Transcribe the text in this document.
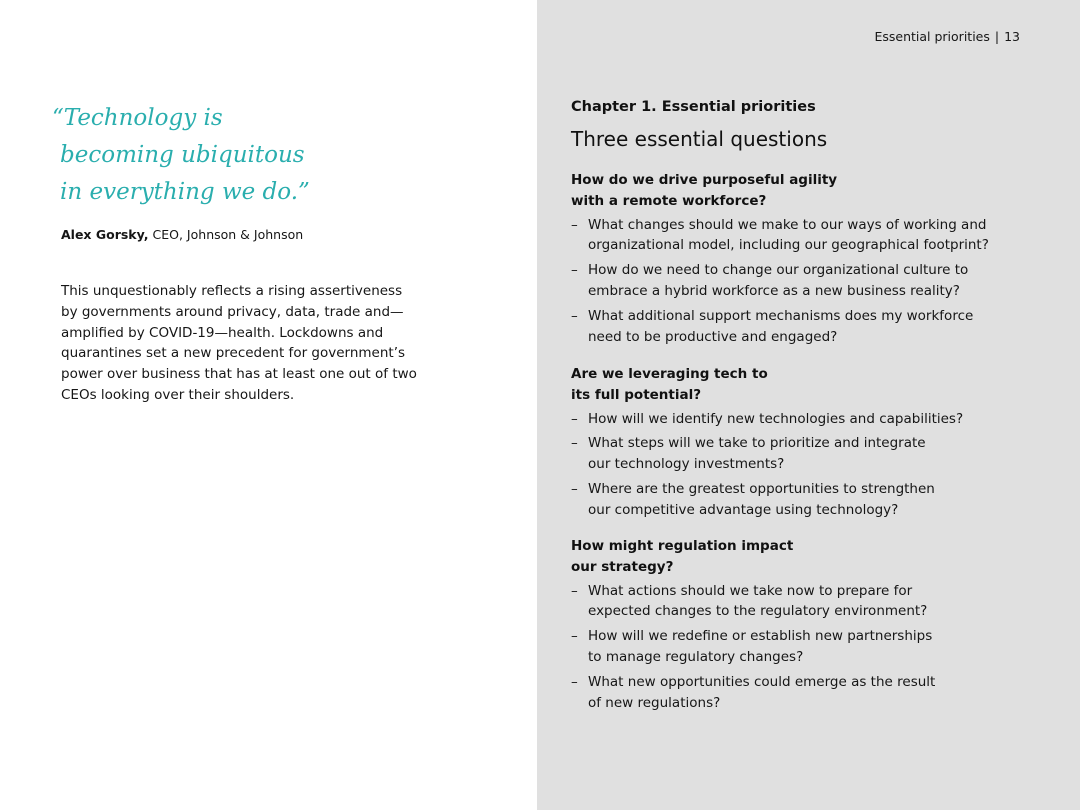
Essential priorities | 13
“Technology is
becoming ubiquitous
in everything we do.”
Alex Gorsky, CEO, Johnson & Johnson
This unquestionably reflects a rising assertiveness
by governments around privacy, data, trade and—
amplified by COVID-19—health. Lockdowns and
quarantines set a new precedent for government’s
power over business that has at least one out of two
CEOs looking over their shoulders.
Chapter 1. Essential priorities
Three essential questions
How do we drive purposeful agility
with a remote workforce?
– What changes should we make to our ways of working and
organizational model, including our geographical footprint?
– How do we need to change our organizational culture to
embrace a hybrid workforce as a new business reality?
– What additional support mechanisms does my workforce
need to be productive and engaged?
Are we leveraging tech to
its full potential?
– How will we identify new technologies and capabilities?
– What steps will we take to prioritize and integrate
our technology investments?
– Where are the greatest opportunities to strengthen
our competitive advantage using technology?
How might regulation impact
our strategy?
– What actions should we take now to prepare for
expected changes to the regulatory environment?
– How will we redefine or establish new partnerships
to manage regulatory changes?
– What new opportunities could emerge as the result
of new regulations?
